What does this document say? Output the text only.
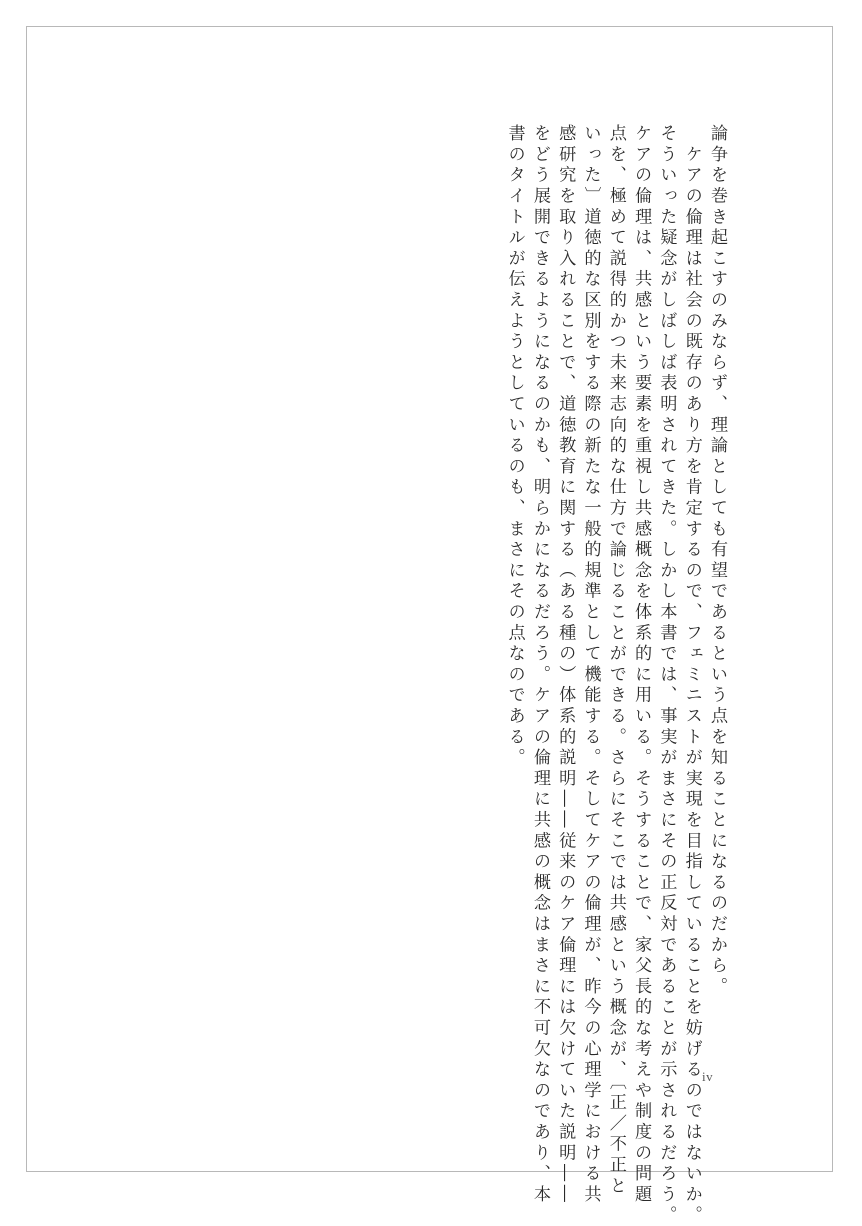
論争を巻き起こすのみならず、理論としても有望であるという点を知ることになるのだから。
　ケアの倫理は社会の既存のあり方を肯定するので、フェミニストが実現を目指していることを妨げるのではないか。
そういった疑念がしばしば表明されてきた。しかし本書では、事実がまさにその正反対であることが示されるだろう。
ケアの倫理は、共感という要素を重視し共感概念を体系的に用いる。そうすることで、家父長的な考えや制度の問題
点を、極めて説得的かつ未来志向的な仕方で論じることができる。さらにそこでは共感という概念が、〔正／不正と
いった〕道徳的な区別をする際の新たな一般的規準として機能する。そしてケアの倫理が、昨今の心理学における共
感研究を取り入れることで、道徳教育に関する（ある種の）体系的説明――従来のケア倫理には欠けていた説明――
をどう展開できるようになるのかも、明らかになるだろう。ケアの倫理に共感の概念はまさに不可欠なのであり、本
書のタイトルが伝えようとしているのも、まさにその点なのである。
iv
